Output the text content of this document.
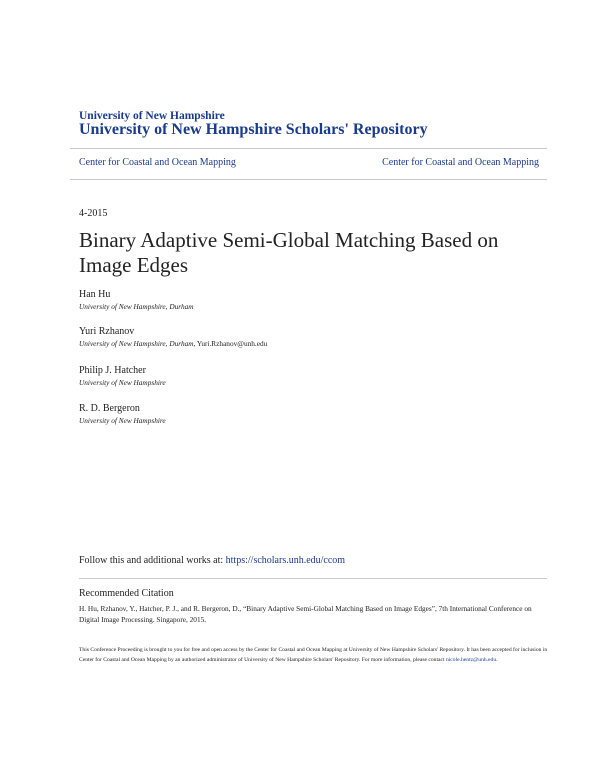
University of New Hampshire
University of New Hampshire Scholars' Repository
Center for Coastal and Ocean Mapping	Center for Coastal and Ocean Mapping
4-2015
Binary Adaptive Semi-Global Matching Based on Image Edges
Han Hu
University of New Hampshire, Durham
Yuri Rzhanov
University of New Hampshire, Durham, Yuri.Rzhanov@unh.edu
Philip J. Hatcher
University of New Hampshire
R. D. Bergeron
University of New Hampshire
Follow this and additional works at: https://scholars.unh.edu/ccom
Recommended Citation
H. Hu, Rzhanov, Y., Hatcher, P. J., and R. Bergeron, D., “Binary Adaptive Semi-Global Matching Based on Image Edges”, 7th International Conference on Digital Image Processing. Singapore, 2015.
This Conference Proceeding is brought to you for free and open access by the Center for Coastal and Ocean Mapping at University of New Hampshire Scholars' Repository. It has been accepted for inclusion in Center for Coastal and Ocean Mapping by an authorized administrator of University of New Hampshire Scholars' Repository. For more information, please contact nicole.hentz@unh.edu.
